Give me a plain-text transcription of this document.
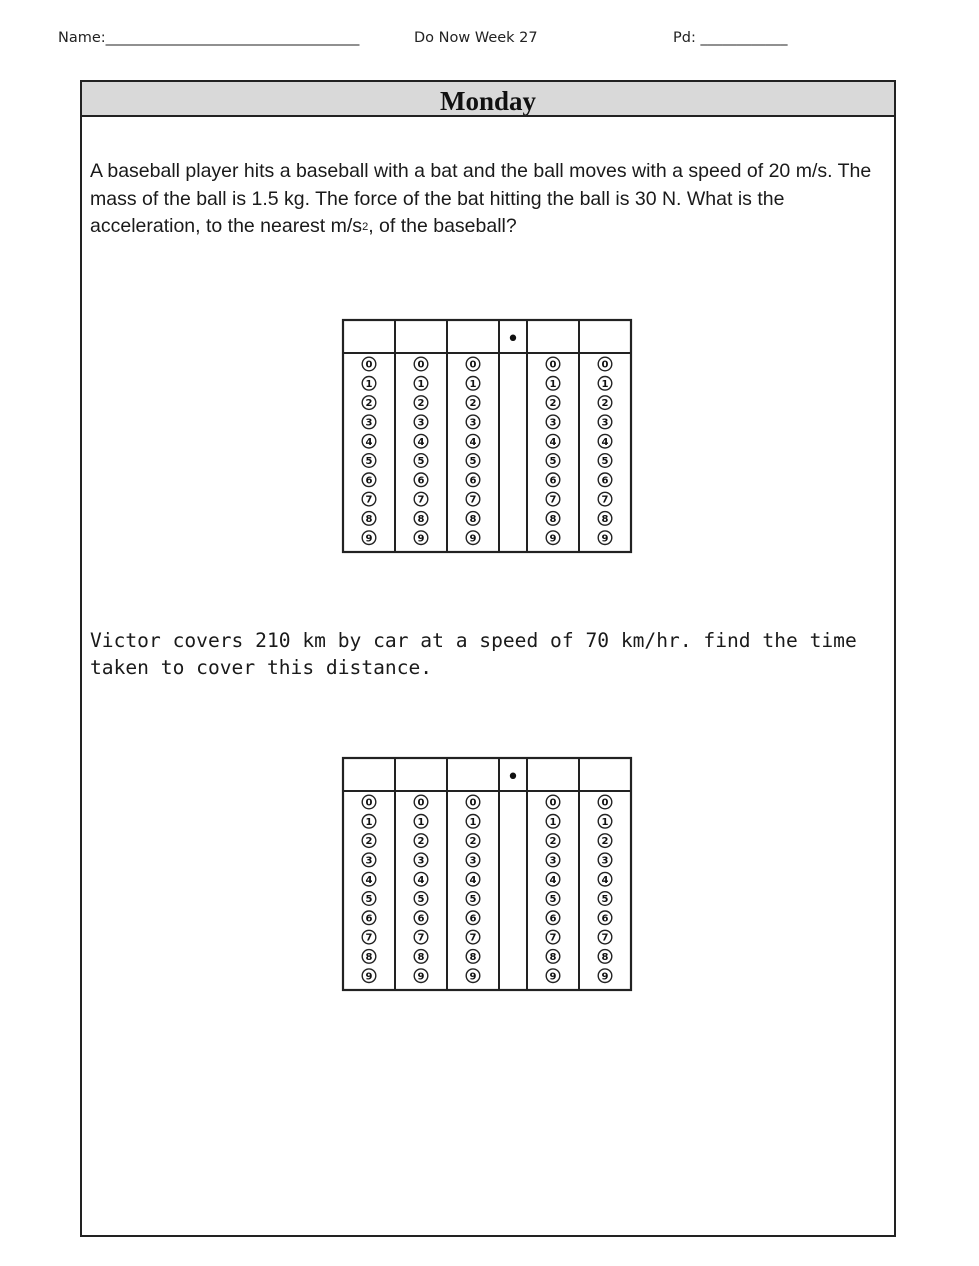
Name:___________________________________	Do Now Week 27	Pd: ____________
Monday
A baseball player hits a baseball with a bat and the ball moves with a speed of 20 m/s. The mass of the ball is 1.5 kg. The force of the bat hitting the ball is 30 N. What is the acceleration, to the nearest $m/s^2$, of the baseball?
Victor covers 210 km by car at a speed of 70 km/hr. find the time taken to cover this distance.
•
0
1
2
3
4
5
6
7
8
9
0
1
2
3
4
5
6
7
8
9
0
1
2
3
4
5
6
7
8
9
0
1
2
3
4
5
6
7
8
9
0
1
2
3
4
5
6
7
8
9
•
0
1
2
3
4
5
6
7
8
9
0
1
2
3
4
5
6
7
8
9
0
1
2
3
4
5
6
7
8
9
0
1
2
3
4
5
6
7
8
9
0
1
2
3
4
5
6
7
8
9
